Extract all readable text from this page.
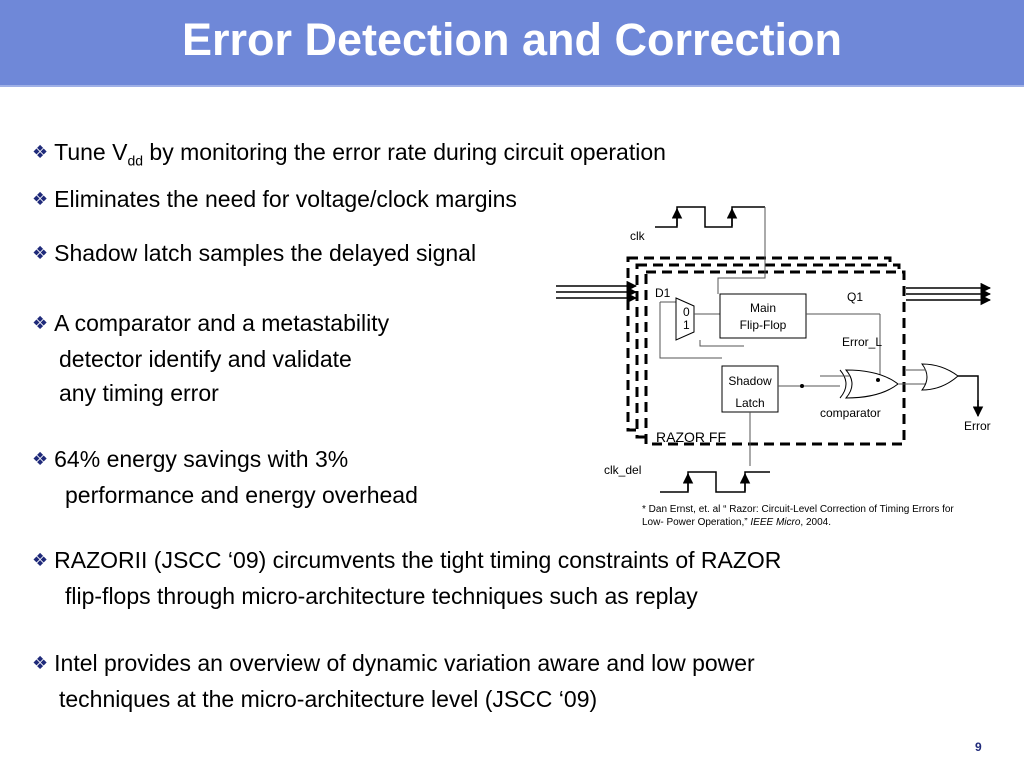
Error Detection and Correction
❖ Tune $V_{dd}$ by monitoring the error rate during circuit operation
❖ Eliminates the need for voltage/clock margins
❖ Shadow latch samples the delayed signal
❖ A comparator and a metastability
detector identify and validate
any timing error
❖ 64% energy savings with 3%
performance and energy overhead
❖ RAZORII (JSCC ‘09) circumvents the tight timing constraints of RAZOR
flip-flops through micro-architecture techniques such as replay
❖ Intel provides an overview of dynamic variation aware and low power
techniques at the micro-architecture level (JSCC ‘09)
clk
D1	Q1
0
1
Main
Flip-Flop
Error_L
Shadow
Latch
comparator
Error
RAZOR FF
clk_del
* Dan Ernst, et. al “ Razor: Circuit-Level Correction of Timing Errors for Low- Power Operation,” IEEE Micro, 2004.
9
